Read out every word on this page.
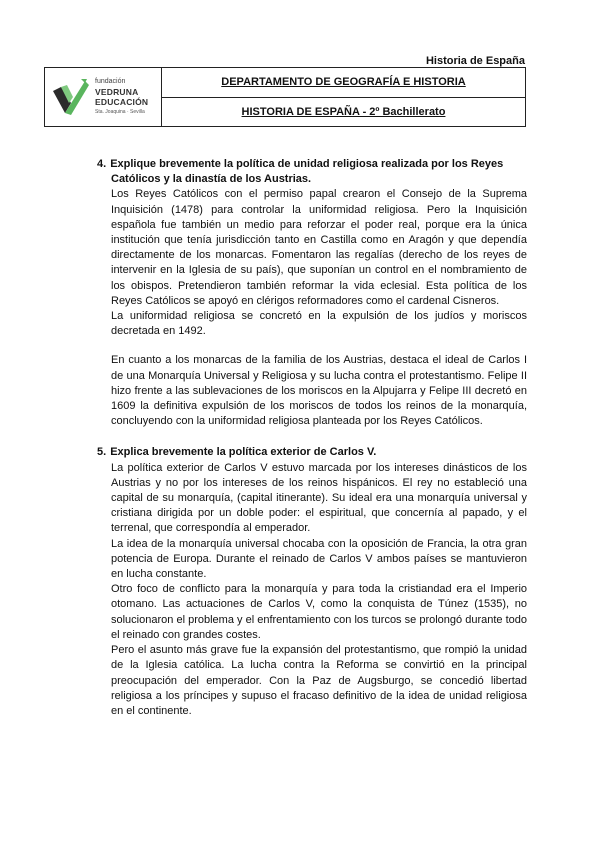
Historia de España
fundación
VEDRUNA
EDUCACIÓN
Sta. Joaquina · Sevilla
DEPARTAMENTO DE GEOGRAFÍA E HISTORIA
HISTORIA DE ESPAÑA - 2º Bachillerato

4. Explique brevemente la política de unidad religiosa realizada por los Reyes Católicos y la dinastía de los Austrias.

Los Reyes Católicos con el permiso papal crearon el Consejo de la Suprema Inquisición (1478) para controlar la uniformidad religiosa. Pero la Inquisición española fue también un medio para reforzar el poder real, porque era la única institución que tenía jurisdicción tanto en Castilla como en Aragón y que dependía directamente de los monarcas. Fomentaron las regalías (derecho de los reyes de intervenir en la Iglesia de su país), que suponían un control en el nombramiento de los obispos. Pretendieron también reformar la vida eclesial. Esta política de los Reyes Católicos se apoyó en clérigos reformadores como el cardenal Cisneros.

La uniformidad religiosa se concretó en la expulsión de los judíos y moriscos decretada en 1492.

En cuanto a los monarcas de la familia de los Austrias, destaca el ideal de Carlos I de una Monarquía Universal y Religiosa y su lucha contra el protestantismo. Felipe II hizo frente a las sublevaciones de los moriscos en la Alpujarra y Felipe III decretó en 1609 la definitiva expulsión de los moriscos de todos los reinos de la monarquía, concluyendo con la uniformidad religiosa planteada por los Reyes Católicos.

5. Explica brevemente la política exterior de Carlos V.

La política exterior de Carlos V estuvo marcada por los intereses dinásticos de los Austrias y no por los intereses de los reinos hispánicos. El rey no estableció una capital de su monarquía, (capital itinerante). Su ideal era una monarquía universal y cristiana dirigida por un doble poder: el espiritual, que concernía al papado, y el terrenal, que correspondía al emperador.

La idea de la monarquía universal chocaba con la oposición de Francia, la otra gran potencia de Europa. Durante el reinado de Carlos V ambos países se mantuvieron en lucha constante.

Otro foco de conflicto para la monarquía y para toda la cristiandad era el Imperio otomano. Las actuaciones de Carlos V, como la conquista de Túnez (1535), no solucionaron el problema y el enfrentamiento con los turcos se prolongó durante todo el reinado con grandes costes.

Pero el asunto más grave fue la expansión del protestantismo, que rompió la unidad de la Iglesia católica. La lucha contra la Reforma se convirtió en la principal preocupación del emperador. Con la Paz de Augsburgo, se concedió libertad religiosa a los príncipes y supuso el fracaso definitivo de la idea de unidad religiosa en el continente.
